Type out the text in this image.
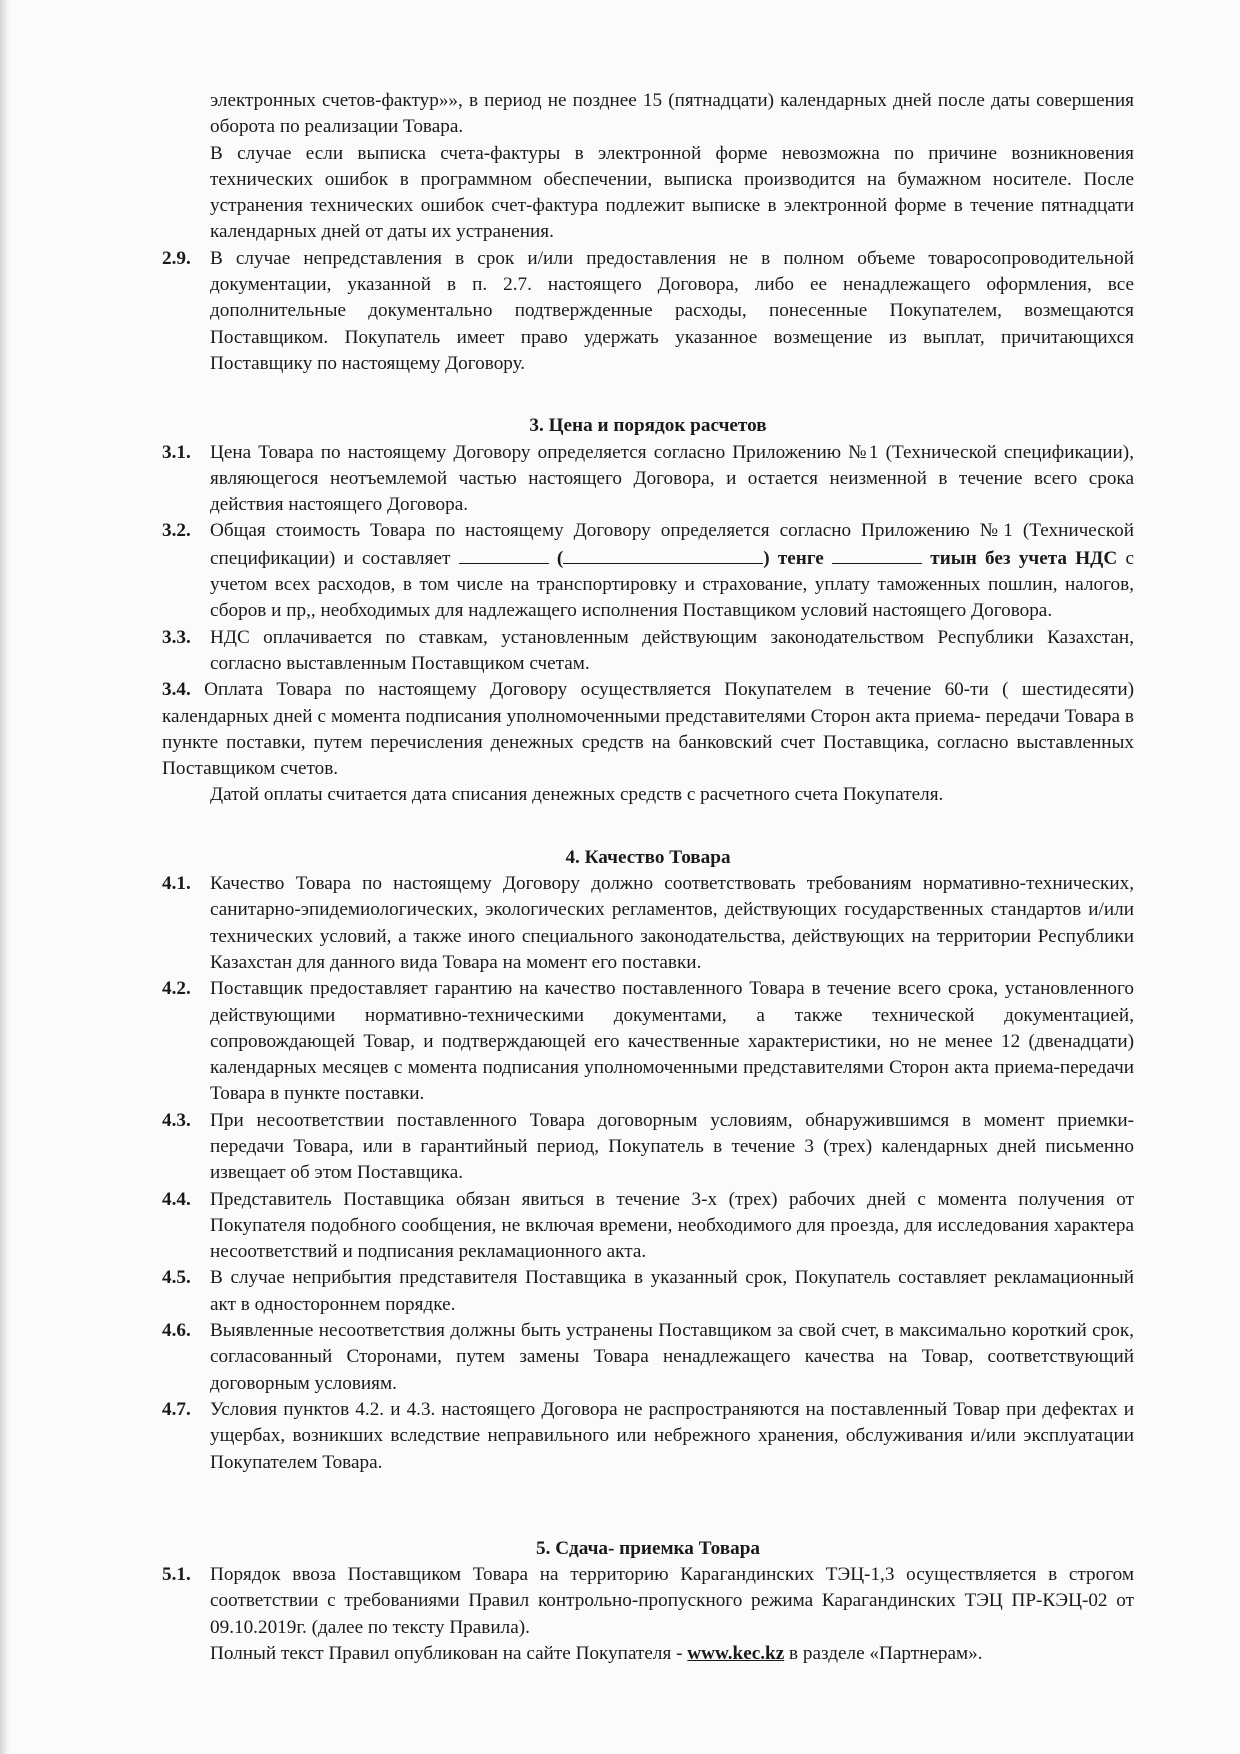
электронных счетов-фактур»», в период не позднее 15 (пятнадцати) календарных дней после даты совершения оборота по реализации Товара.

В случае если выписка счета-фактуры в электронной форме невозможна по причине возникновения технических ошибок в программном обеспечении, выписка производится на бумажном носителе. После устранения технических ошибок счет-фактура подлежит выписке в электронной форме в течение пятнадцати календарных дней от даты их устранения.

2.9.	В случае непредставления в срок и/или предоставления не в полном объеме товаросопроводительной документации, указанной в п. 2.7. настоящего Договора, либо ее ненадлежащего оформления, все дополнительные документально подтвержденные расходы, понесенные Покупателем, возмещаются Поставщиком. Покупатель имеет право удержать указанное возмещение из выплат, причитающихся Поставщику по настоящему Договору.
3. Цена и порядок расчетов
3.1.	Цена Товара по настоящему Договору определяется согласно Приложению №1 (Технической спецификации), являющегося неотъемлемой частью настоящего Договора, и остается неизменной в течение всего срока действия настоящего Договора.
3.2.	Общая стоимость Товара по настоящему Договору определяется согласно Приложению №1 (Технической спецификации) и составляет	(	) тенге	тиын без учета НДС с учетом всех расходов, в том числе на транспортировку и страхование, уплату таможенных пошлин, налогов, сборов и пр,, необходимых для надлежащего исполнения Поставщиком условий настоящего Договора.
3.3.	НДС оплачивается по ставкам, установленным действующим законодательством Республики Казахстан, согласно выставленным Поставщиком счетам.

3.4. Оплата Товара по настоящему Договору осуществляется Покупателем в течение 60-ти ( шестидесяти) календарных дней с момента подписания уполномоченными представителями Сторон акта приема- передачи Товара в пункте поставки, путем перечисления денежных средств на банковский счет Поставщика, согласно выставленных Поставщиком счетов.

Датой оплаты считается дата списания денежных средств с расчетного счета Покупателя.

4. Качество Товара
4.1.	Качество Товара по настоящему Договору должно соответствовать требованиям нормативно-технических, санитарно-эпидемиологических, экологических регламентов, действующих государственных стандартов и/или технических условий, а также иного специального законодательства, действующих на территории Республики Казахстан для данного вида Товара на момент его поставки.
4.2.	Поставщик предоставляет гарантию на качество поставленного Товара в течение всего срока, установленного действующими нормативно-техническими документами, а также технической документацией, сопровождающей Товар, и подтверждающей его качественные характеристики, но не менее 12 (двенадцати) календарных месяцев с момента подписания уполномоченными представителями Сторон акта приема-передачи Товара в пункте поставки.
4.3.	При несоответствии поставленного Товара договорным условиям, обнаружившимся в момент приемки-передачи Товара, или в гарантийный период, Покупатель в течение 3 (трех) календарных дней письменно извещает об этом Поставщика.
4.4.	Представитель Поставщика обязан явиться в течение 3-х (трех) рабочих дней с момента получения от Покупателя подобного сообщения, не включая времени, необходимого для проезда, для исследования характера несоответствий и подписания рекламационного акта.
4.5.	В случае неприбытия представителя Поставщика в указанный срок, Покупатель составляет рекламационный акт в одностороннем порядке.
4.6.	Выявленные несоответствия должны быть устранены Поставщиком за свой счет, в максимально короткий срок, согласованный Сторонами, путем замены Товара ненадлежащего качества на Товар, соответствующий договорным условиям.
4.7.	Условия пунктов 4.2. и 4.3. настоящего Договора не распространяются на поставленный Товар при дефектах и ущербах, возникших вследствие неправильного или небрежного хранения, обслуживания и/или эксплуатации Покупателем Товара.
5. Сдача- приемка Товара
5.1.	Порядок ввоза Поставщиком Товара на территорию Карагандинских ТЭЦ-1,3 осуществляется в строгом соответствии с требованиями Правил контрольно-пропускного режима Карагандинских ТЭЦ ПР-КЭЦ-02 от 09.10.2019г. (далее по тексту Правила).
Полный текст Правил опубликован на сайте Покупателя - www.kec.kz в разделе «Партнерам».
